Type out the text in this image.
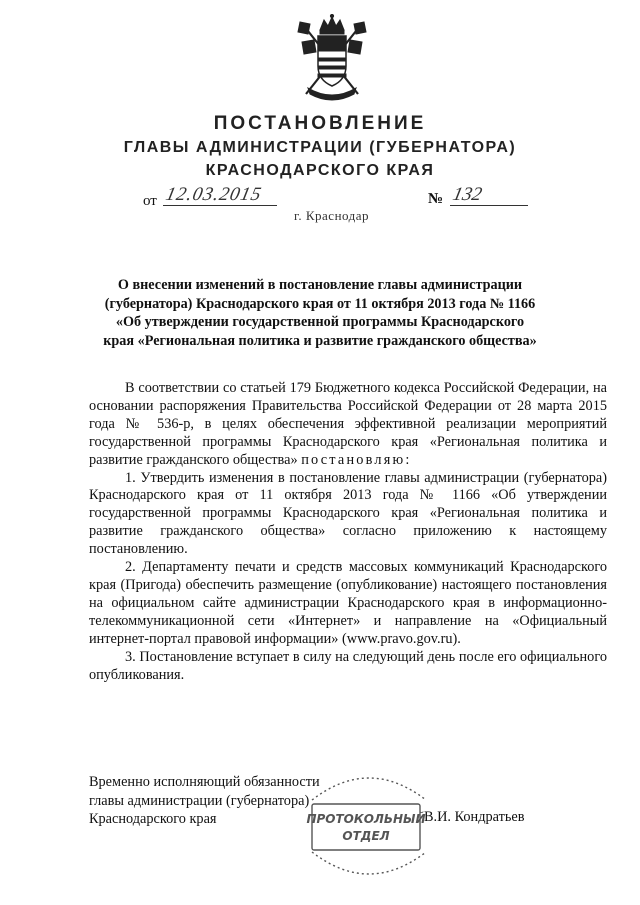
ПОСТАНОВЛЕНИЕ
ГЛАВЫ АДМИНИСТРАЦИИ (ГУБЕРНАТОРА)
КРАСНОДАРСКОГО КРАЯ
от 12.03.2015	№ 132
г. Краснодар
О внесении изменений в постановление главы администрации
(губернатора) Краснодарского края от 11 октября 2013 года № 1166
«Об утверждении государственной программы Краснодарского
края «Региональная политика и развитие гражданского общества»

В соответствии со статьей 179 Бюджетного кодекса Российской Федерации, на основании распоряжения Правительства Российской Федерации от 28 марта 2015 года № 536-р, в целях обеспечения эффективной реализации мероприятий государственной программы Краснодарского края «Региональная политика и развитие гражданского общества» постановляю:

1. Утвердить изменения в постановление главы администрации (губернатора) Краснодарского края от 11 октября 2013 года № 1166 «Об утверждении государственной программы Краснодарского края «Региональная политика и развитие гражданского общества» согласно приложению к настоящему постановлению.

2. Департаменту печати и средств массовых коммуникаций Краснодарского края (Пригода) обеспечить размещение (опубликование) настоящего постановления на официальном сайте администрации Краснодарского края в информационно-телекоммуникационной сети «Интернет» и направление на «Официальный интернет-портал правовой информации» (www.pravo.gov.ru).

3. Постановление вступает в силу на следующий день после его официального опубликования.

Временно исполняющий обязанности
главы администрации (губернатора)
Краснодарского края	ПРОТОКОЛЬНЫЙ
ОТДЕЛ
В.И. Кондратьев
